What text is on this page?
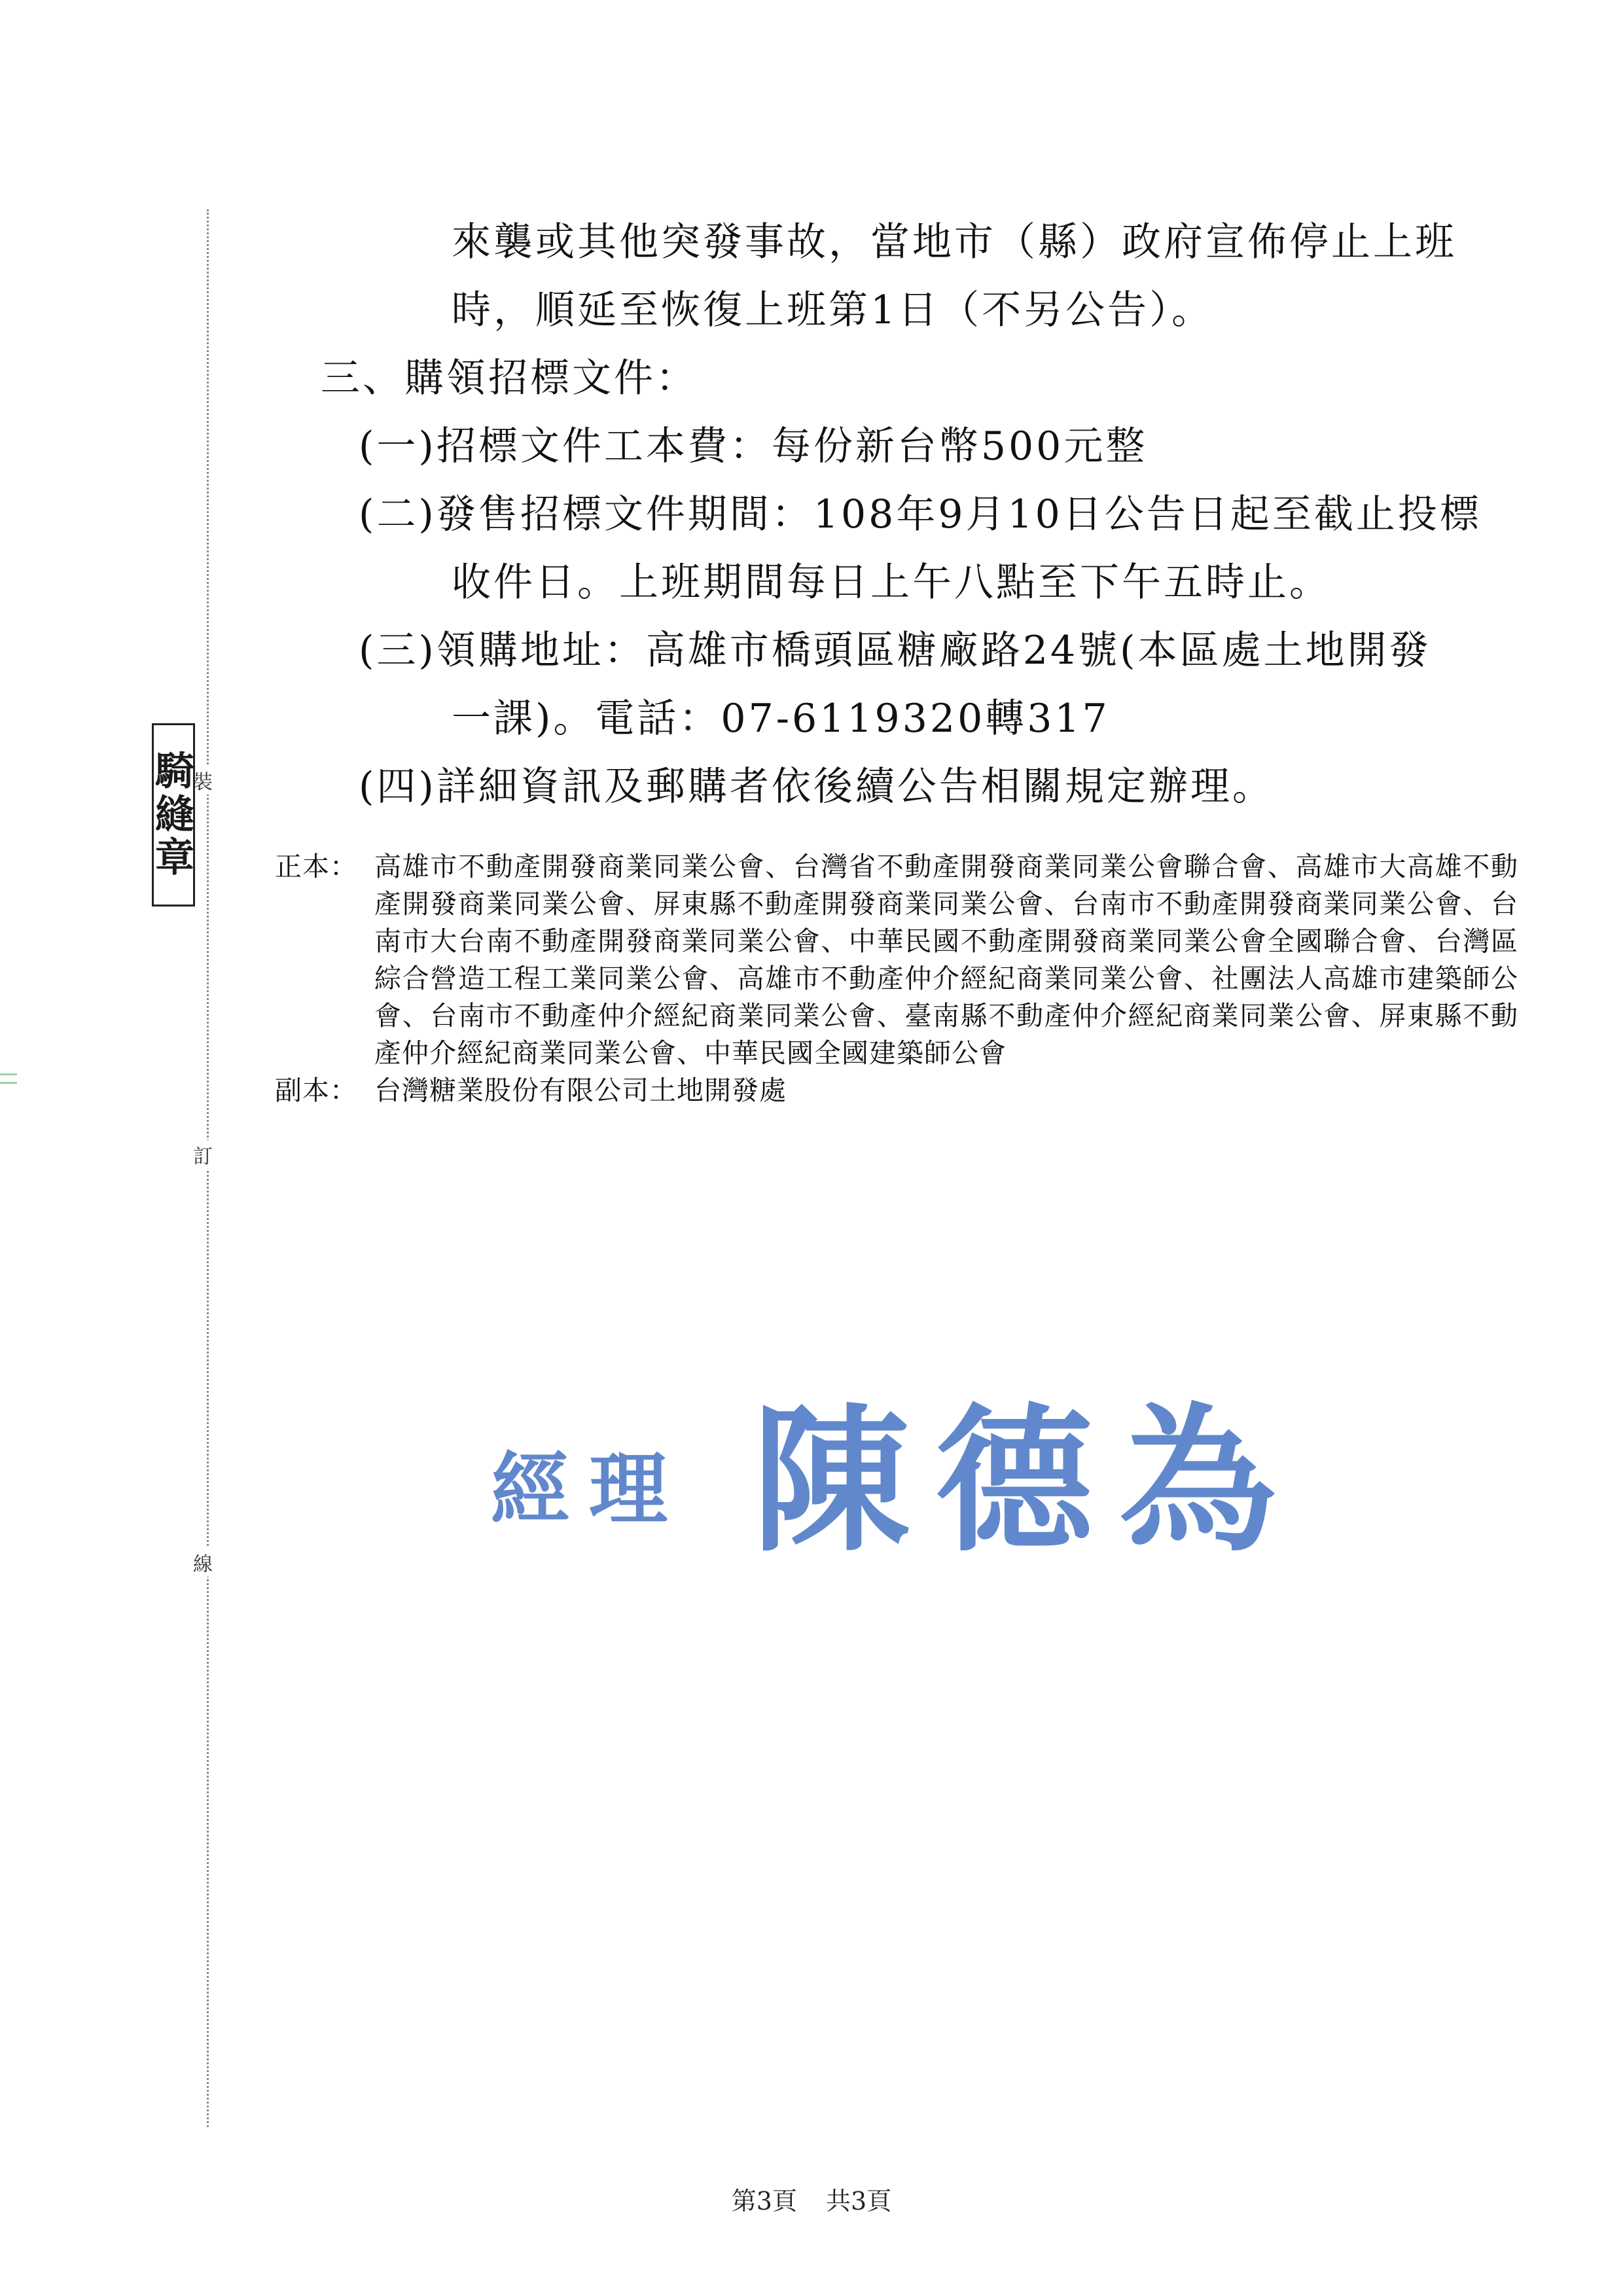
裝
訂
線
騎縫章
來襲或其他突發事故，當地市（縣）政府宣佈停止上班
時，順延至恢復上班第1日（不另公告）。
三、購領招標文件：
(一)招標文件工本費：每份新台幣500元整
(二)發售招標文件期間：108年9月10日公告日起至截止投標
收件日。上班期間每日上午八點至下午五時止。
(三)領購地址：高雄市橋頭區糖廠路24號(本區處土地開發
一課)。電話：07-6119320轉317
(四)詳細資訊及郵購者依後續公告相關規定辦理。
正本： 高雄市不動產開發商業同業公會、台灣省不動產開發商業同業公會聯合會、高雄市大高雄不動產開發商業同業公會、屏東縣不動產開發商業同業公會、台南市不動產開發商業同業公會、台南市大台南不動產開發商業同業公會、中華民國不動產開發商業同業公會全國聯合會、台灣區綜合營造工程工業同業公會、高雄市不動產仲介經紀商業同業公會、社團法人高雄市建築師公會、台南市不動產仲介經紀商業同業公會、臺南縣不動產仲介經紀商業同業公會、屏東縣不動產仲介經紀商業同業公會、中華民國全國建築師公會
副本： 台灣糖業股份有限公司土地開發處
經理 陳德為
第3頁 共3頁
